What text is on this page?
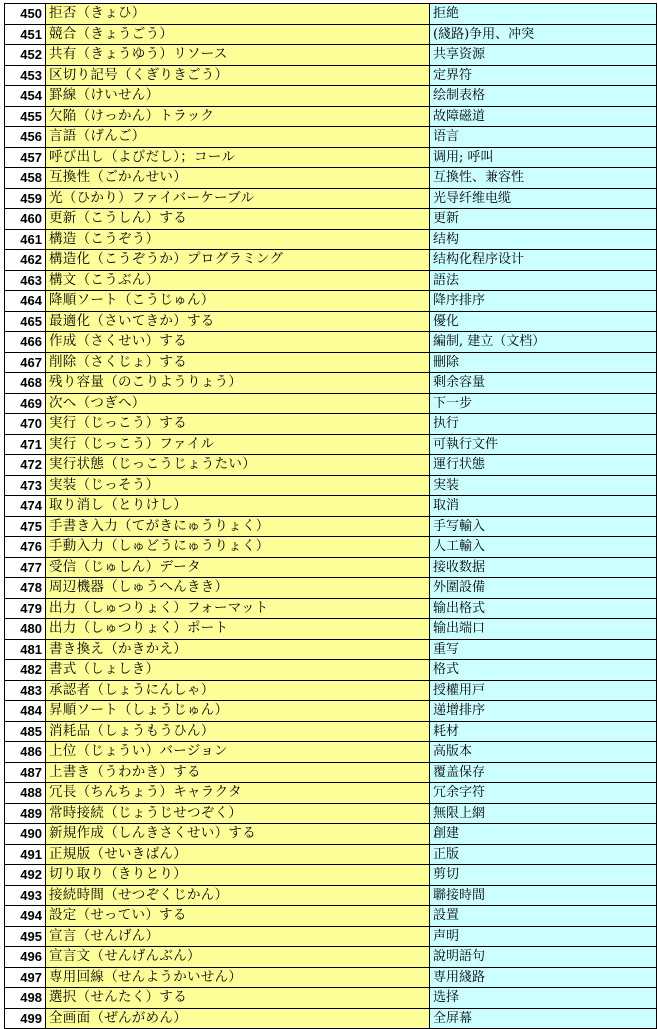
450	拒否（きょひ）	拒絶
451	競合（きょうごう）	(綫路)争用、冲突
452	共有（きょうゆう）リソース	共享资源
453	区切り記号（くぎりきごう）	定界符
454	罫線（けいせん）	绘制表格
455	欠陥（けっかん）トラック	故障磁道
456	言語（げんご）	语言
457	呼び出し（よびだし）；コール	调用; 呼叫
458	互換性（ごかんせい）	互換性、兼容性
459	光（ひかり）ファイバーケーブル	光导纤维电缆
460	更新（こうしん）する	更新
461	構造（こうぞう）	结构
462	構造化（こうぞうか）プログラミング	结构化程序设计
463	構文（こうぶん）	語法
464	降順ソート（こうじゅん）	降序排序
465	最適化（さいてきか）する	優化
466	作成（さくせい）する	編制, 建立（文档）
467	削除（さくじょ）する	刪除
468	残り容量（のこりようりょう）	剩余容量
469	次へ（つぎへ）	下一步
470	実行（じっこう）する	执行
471	実行（じっこう）ファイル	可執行文件
472	実行状態（じっこうじょうたい）	運行状態
473	実装（じっそう）	実装
474	取り消し（とりけし）	取消
475	手書き入力（てがきにゅうりょく）	手写輸入
476	手動入力（しゅどうにゅうりょく）	人工輸入
477	受信（じゅしん）データ	接收数据
478	周辺機器（しゅうへんきき）	外圍設備
479	出力（しゅつりょく）フォーマット	输出格式
480	出力（しゅつりょく）ポート	输出端口
481	書き換え（かきかえ）	重写
482	書式（しょしき）	格式
483	承認者（しょうにんしゃ）	授權用戸
484	昇順ソート（しょうじゅん）	递增排序
485	消耗品（しょうもうひん）	耗材
486	上位（じょうい）バージョン	高版本
487	上書き（うわかき）する	覆盖保存
488	冗長（ちんちょう）キャラクタ	冗余字符
489	常時接続（じょうじせつぞく）	無限上網
490	新規作成（しんきさくせい）する	創建
491	正規版（せいきばん）	正版
492	切り取り（きりとり）	剪切
493	接続時間（せつぞくじかん）	聯接時間
494	設定（せってい）する	設置
495	宣言（せんげん）	声明
496	宣言文（せんげんぶん）	說明語句
497	専用回線（せんようかいせん）	専用綫路
498	選択（せんたく）する	选择
499	全画面（ぜんがめん）	全屏幕
